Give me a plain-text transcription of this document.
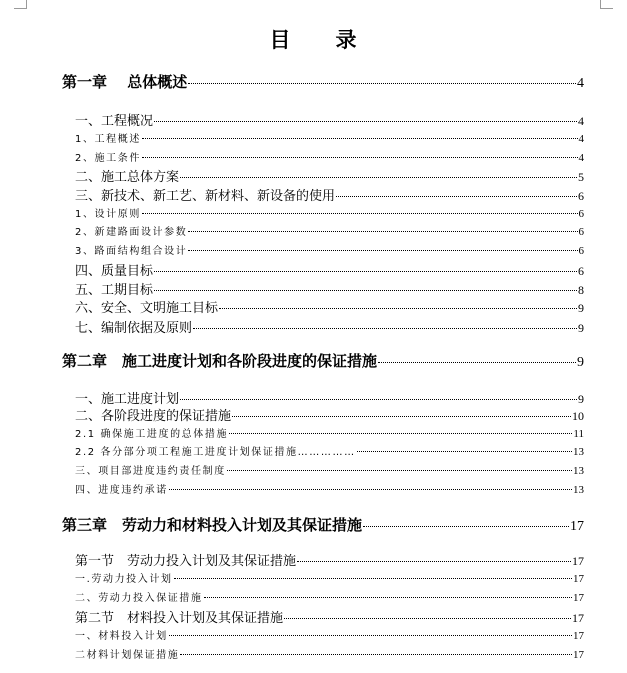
目　　录
第一章　 总体概述	4
一、工程概况	4
1、工程概述	4
2、施工条件	4
二、施工总体方案	5
三、新技术、新工艺、新材料、新设备的使用	6
1、设计原则	6
2、新建路面设计参数	6
3、路面结构组合设计	6
四、质量目标	6
五、工期目标	8
六、安全、文明施工目标	9
七、编制依据及原则	9
第二章　施工进度计划和各阶段进度的保证措施	9
一、施工进度计划	9
二、各阶段进度的保证措施	10
2.1 确保施工进度的总体措施	11
2.2 各分部分项工程施工进度计划保证措施……………	13
三、项目部进度违约责任制度	13
四、进度违约承诺	13
第三章　劳动力和材料投入计划及其保证措施	17
第一节　劳动力投入计划及其保证措施	17
一.劳动力投入计划	17
二、劳动力投入保证措施	17
第二节　材料投入计划及其保证措施	17
一、材料投入计划	17
二材料计划保证措施	17
